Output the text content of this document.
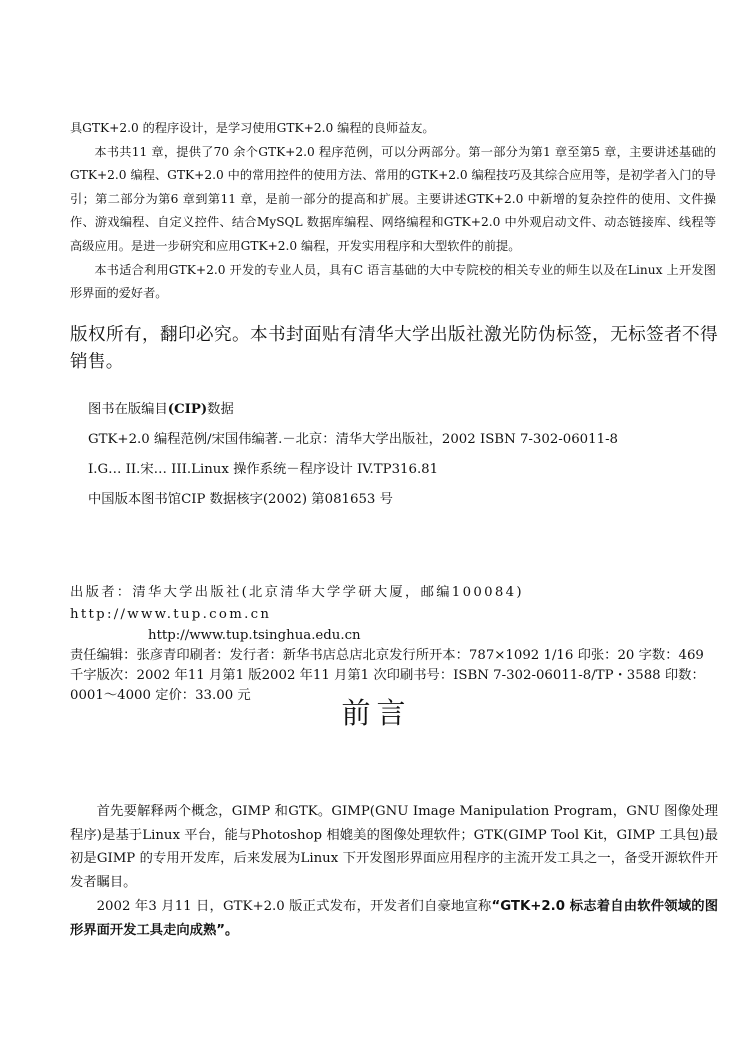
具GTK+2.0 的程序设计，是学习使用GTK+2.0 编程的良师益友。

本书共11 章，提供了70 余个GTK+2.0 程序范例，可以分两部分。第一部分为第1 章至第5 章，主要讲述基础的GTK+2.0 编程、GTK+2.0 中的常用控件的使用方法、常用的GTK+2.0 编程技巧及其综合应用等，是初学者入门的导引；第二部分为第6 章到第11 章，是前一部分的提高和扩展。主要讲述GTK+2.0 中新增的复杂控件的使用、文件操作、游戏编程、自定义控件、结合MySQL 数据库编程、网络编程和GTK+2.0 中外观启动文件、动态链接库、线程等高级应用。是进一步研究和应用GTK+2.0 编程，开发实用程序和大型软件的前提。

本书适合利用GTK+2.0 开发的专业人员，具有C 语言基础的大中专院校的相关专业的师生以及在Linux 上开发图形界面的爱好者。

版权所有，翻印必究。本书封面贴有清华大学出版社激光防伪标签，无标签者不得销售。
图书在版编目(CIP)数据
GTK+2.0 编程范例/宋国伟编著.－北京：清华大学出版社，2002 ISBN 7-302-06011-8
I.G… II.宋… III.Linux 操作系统－程序设计 IV.TP316.81
中国版本图书馆CIP 数据核字(2002) 第081653 号
出版者：清华大学出版社(北京清华大学学研大厦，邮编100084) http://www.tup.com.cn
http://www.tup.tsinghua.edu.cn
责任编辑：张彦青印刷者：发行者：新华书店总店北京发行所开本：787×1092 1/16 印张：20 字数：469 千字版次：2002 年11 月第1 版2002 年11 月第1 次印刷书号：ISBN 7-302-06011-8/TP・3588 印数：0001～4000 定价：33.00 元
前言

首先要解释两个概念，GIMP 和GTK。GIMP(GNU Image Manipulation Program，GNU 图像处理程序)是基于Linux 平台，能与Photoshop 相媲美的图像处理软件；GTK(GIMP Tool Kit，GIMP 工具包)最初是GIMP 的专用开发库，后来发展为Linux 下开发图形界面应用程序的主流开发工具之一，备受开源软件开发者瞩目。

2002 年3 月11 日，GTK+2.0 版正式发布，开发者们自豪地宣称“GTK+2.0 标志着自由软件领域的图形界面开发工具走向成熟”。
